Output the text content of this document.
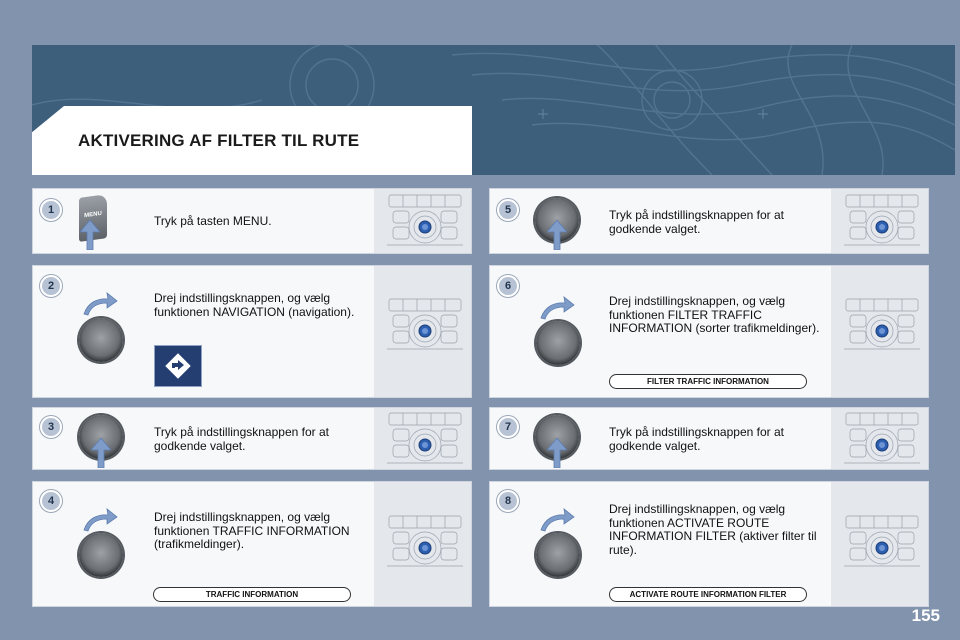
AKTIVERING AF FILTER TIL RUTE
1	MENU	Tryk på tasten MENU.
2
Drej indstillingsknappen, og vælg funktionen NAVIGATION (navigation).
3	Tryk på indstillingsknappen for at godkende valget.
4
Drej indstillingsknappen, og vælg funktionen TRAFFIC INFORMATION (trafikmeldinger).
TRAFFIC INFORMATION
5	Tryk på indstillingsknappen for at godkende valget.
6
Drej indstillingsknappen, og vælg funktionen FILTER TRAFFIC INFORMATION (sorter trafikmeldinger).
FILTER TRAFFIC INFORMATION
7	Tryk på indstillingsknappen for at godkende valget.
8
Drej indstillingsknappen, og vælg funktionen ACTIVATE ROUTE INFORMATION FILTER (aktiver filter til rute).
ACTIVATE ROUTE INFORMATION FILTER
155
